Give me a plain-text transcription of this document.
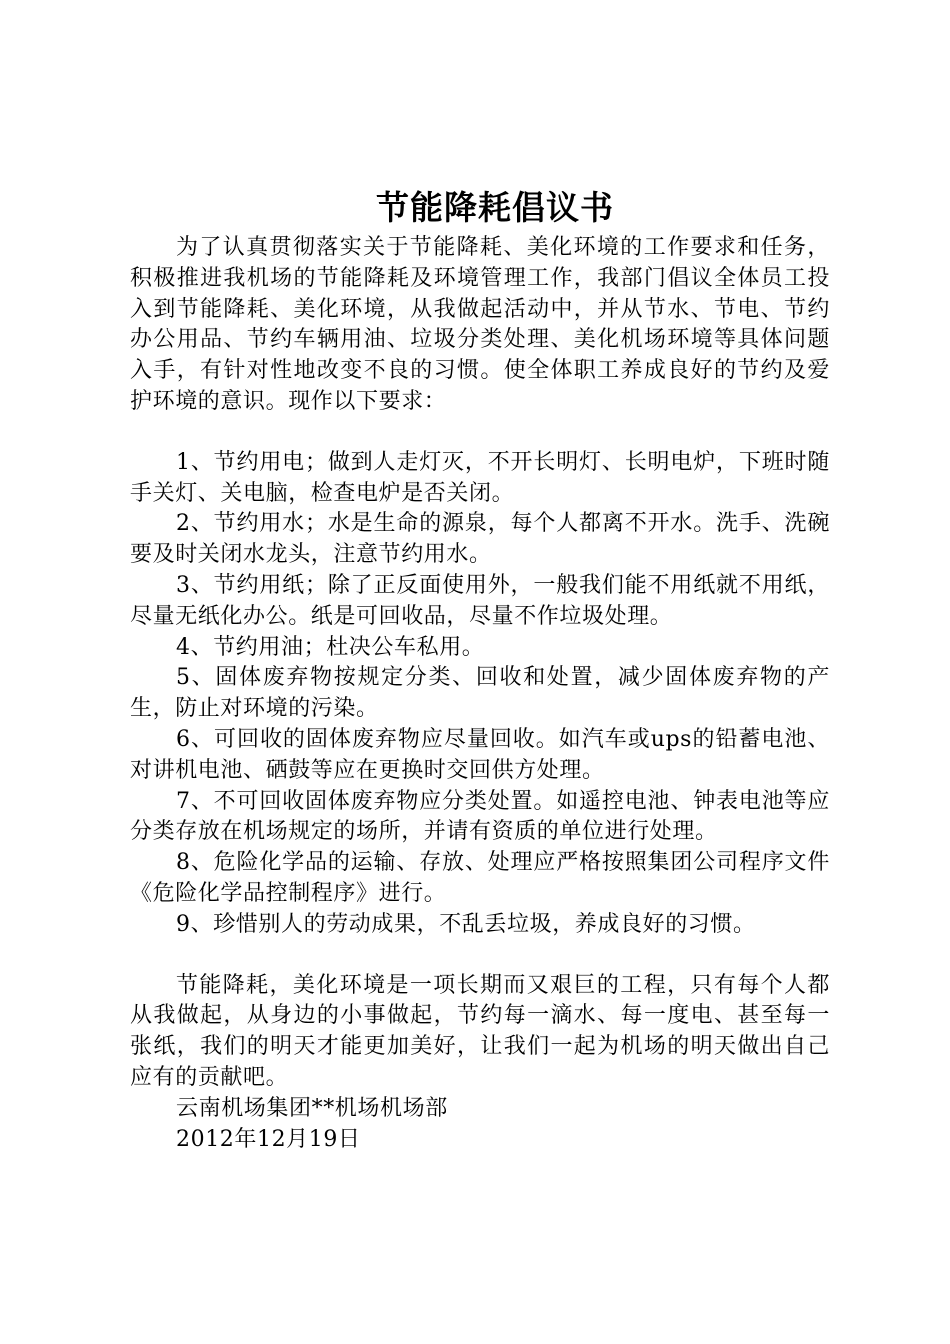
节能降耗倡议书

为了认真贯彻落实关于节能降耗、美化环境的工作要求和任务，积极推进我机场的节能降耗及环境管理工作，我部门倡议全体员工投入到节能降耗、美化环境，从我做起活动中，并从节水、节电、节约办公用品、节约车辆用油、垃圾分类处理、美化机场环境等具体问题入手，有针对性地改变不良的习惯。使全体职工养成良好的节约及爱护环境的意识。现作以下要求：

1、节约用电；做到人走灯灭，不开长明灯、长明电炉，下班时随手关灯、关电脑，检查电炉是否关闭。

2、节约用水；水是生命的源泉，每个人都离不开水。洗手、洗碗要及时关闭水龙头，注意节约用水。

3、节约用纸；除了正反面使用外，一般我们能不用纸就不用纸，尽量无纸化办公。纸是可回收品，尽量不作垃圾处理。

4、节约用油；杜决公车私用。

5、固体废弃物按规定分类、回收和处置，减少固体废弃物的产生，防止对环境的污染。

6、可回收的固体废弃物应尽量回收。如汽车或ups的铅蓄电池、对讲机电池、硒鼓等应在更换时交回供方处理。

7、不可回收固体废弃物应分类处置。如遥控电池、钟表电池等应分类存放在机场规定的场所，并请有资质的单位进行处理。

8、危险化学品的运输、存放、处理应严格按照集团公司程序文件《危险化学品控制程序》进行。

9、珍惜别人的劳动成果，不乱丢垃圾，养成良好的习惯。

节能降耗，美化环境是一项长期而又艰巨的工程，只有每个人都从我做起，从身边的小事做起，节约每一滴水、每一度电、甚至每一张纸，我们的明天才能更加美好，让我们一起为机场的明天做出自己应有的贡献吧。

云南机场集团**机场机场部

2012年12月19日
